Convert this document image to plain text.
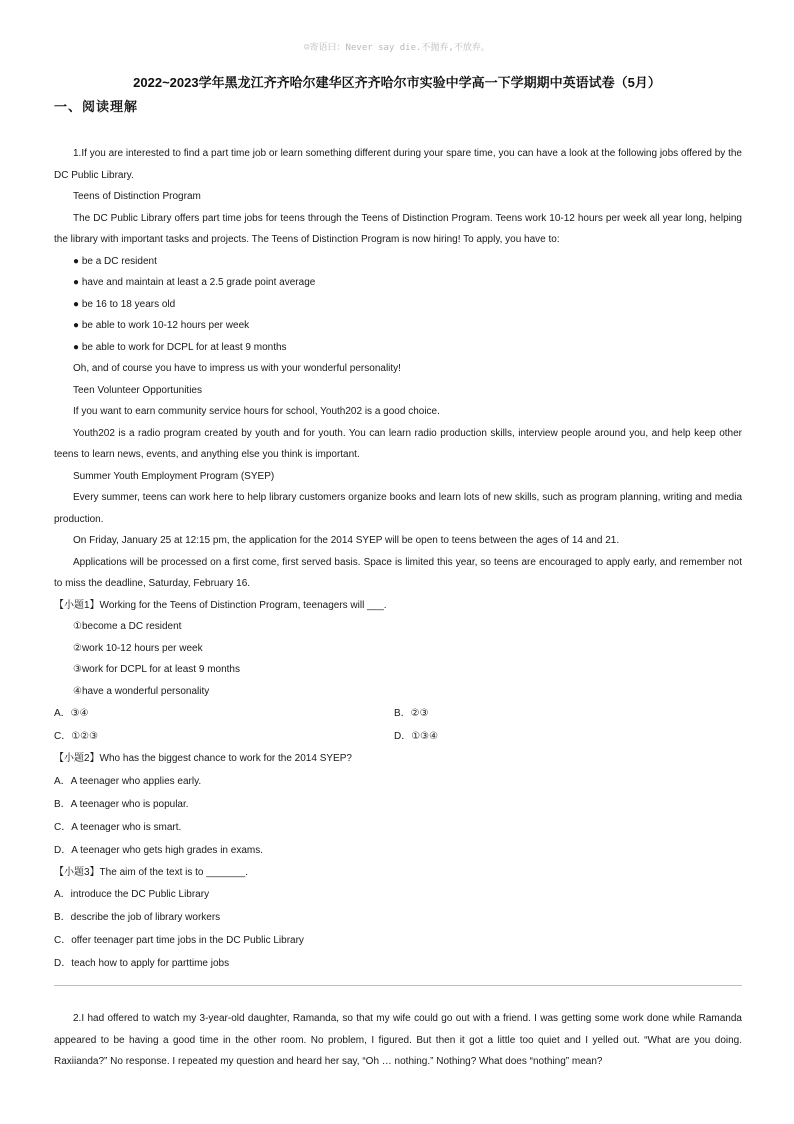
☺寄语曰：Never say die.不抛弃,不放弃。
2022~2023学年黑龙江齐齐哈尔建华区齐齐哈尔市实验中学高一下学期期中英语试卷（5月）
一、阅读理解

1.If you are interested to find a part time job or learn something different during your spare time, you can have a look at the following jobs offered by the DC Public Library.

Teens of Distinction Program

The DC Public Library offers part time jobs for teens through the Teens of Distinction Program. Teens work 10-12 hours per week all year long, helping the library with important tasks and projects. The Teens of Distinction Program is now hiring! To apply, you have to:

● be a DC resident

● have and maintain at least a 2.5 grade point average

● be 16 to 18 years old

● be able to work 10-12 hours per week

● be able to work for DCPL for at least 9 months

Oh, and of course you have to impress us with your wonderful personality!

Teen Volunteer Opportunities

If you want to earn community service hours for school, Youth202 is a good choice.

Youth202 is a radio program created by youth and for youth. You can learn radio production skills, interview people around you, and help keep other teens to learn news, events, and anything else you think is important.

Summer Youth Employment Program (SYEP)

Every summer, teens can work here to help library customers organize books and learn lots of new skills, such as program planning, writing and media production.

On Friday, January 25 at 12:15 pm, the application for the 2014 SYEP will be open to teens between the ages of 14 and 21.

Applications will be processed on a first come, first served basis. Space is limited this year, so teens are encouraged to apply early, and remember not to miss the deadline, Saturday, February 16.

【小题1】Working for the Teens of Distinction Program, teenagers will ___.

①become a DC resident

②work 10-12 hours per week

③work for DCPL for at least 9 months

④have a wonderful personality

A．③④	B．②③
C．①②③	D．①③④

【小题2】Who has the biggest chance to work for the 2014 SYEP?

A．A teenager who applies early.

B．A teenager who is popular.

C．A teenager who is smart.

D．A teenager who gets high grades in exams.

【小题3】The aim of the text is to _______.

A．introduce the DC Public Library

B．describe the job of library workers

C．offer teenager part time jobs in the DC Public Library

D．teach how to apply for parttime jobs

2.I had offered to watch my 3-year-old daughter, Ramanda, so that my wife could go out with a friend. I was getting some work done while Ramanda appeared to be having a good time in the other room. No problem, I figured. But then it got a little too quiet and I yelled out. “What are you doing. Raxiianda?” No response. I repeated my question and heard her say, “Oh … nothing.” Nothing? What does “nothing” mean?
